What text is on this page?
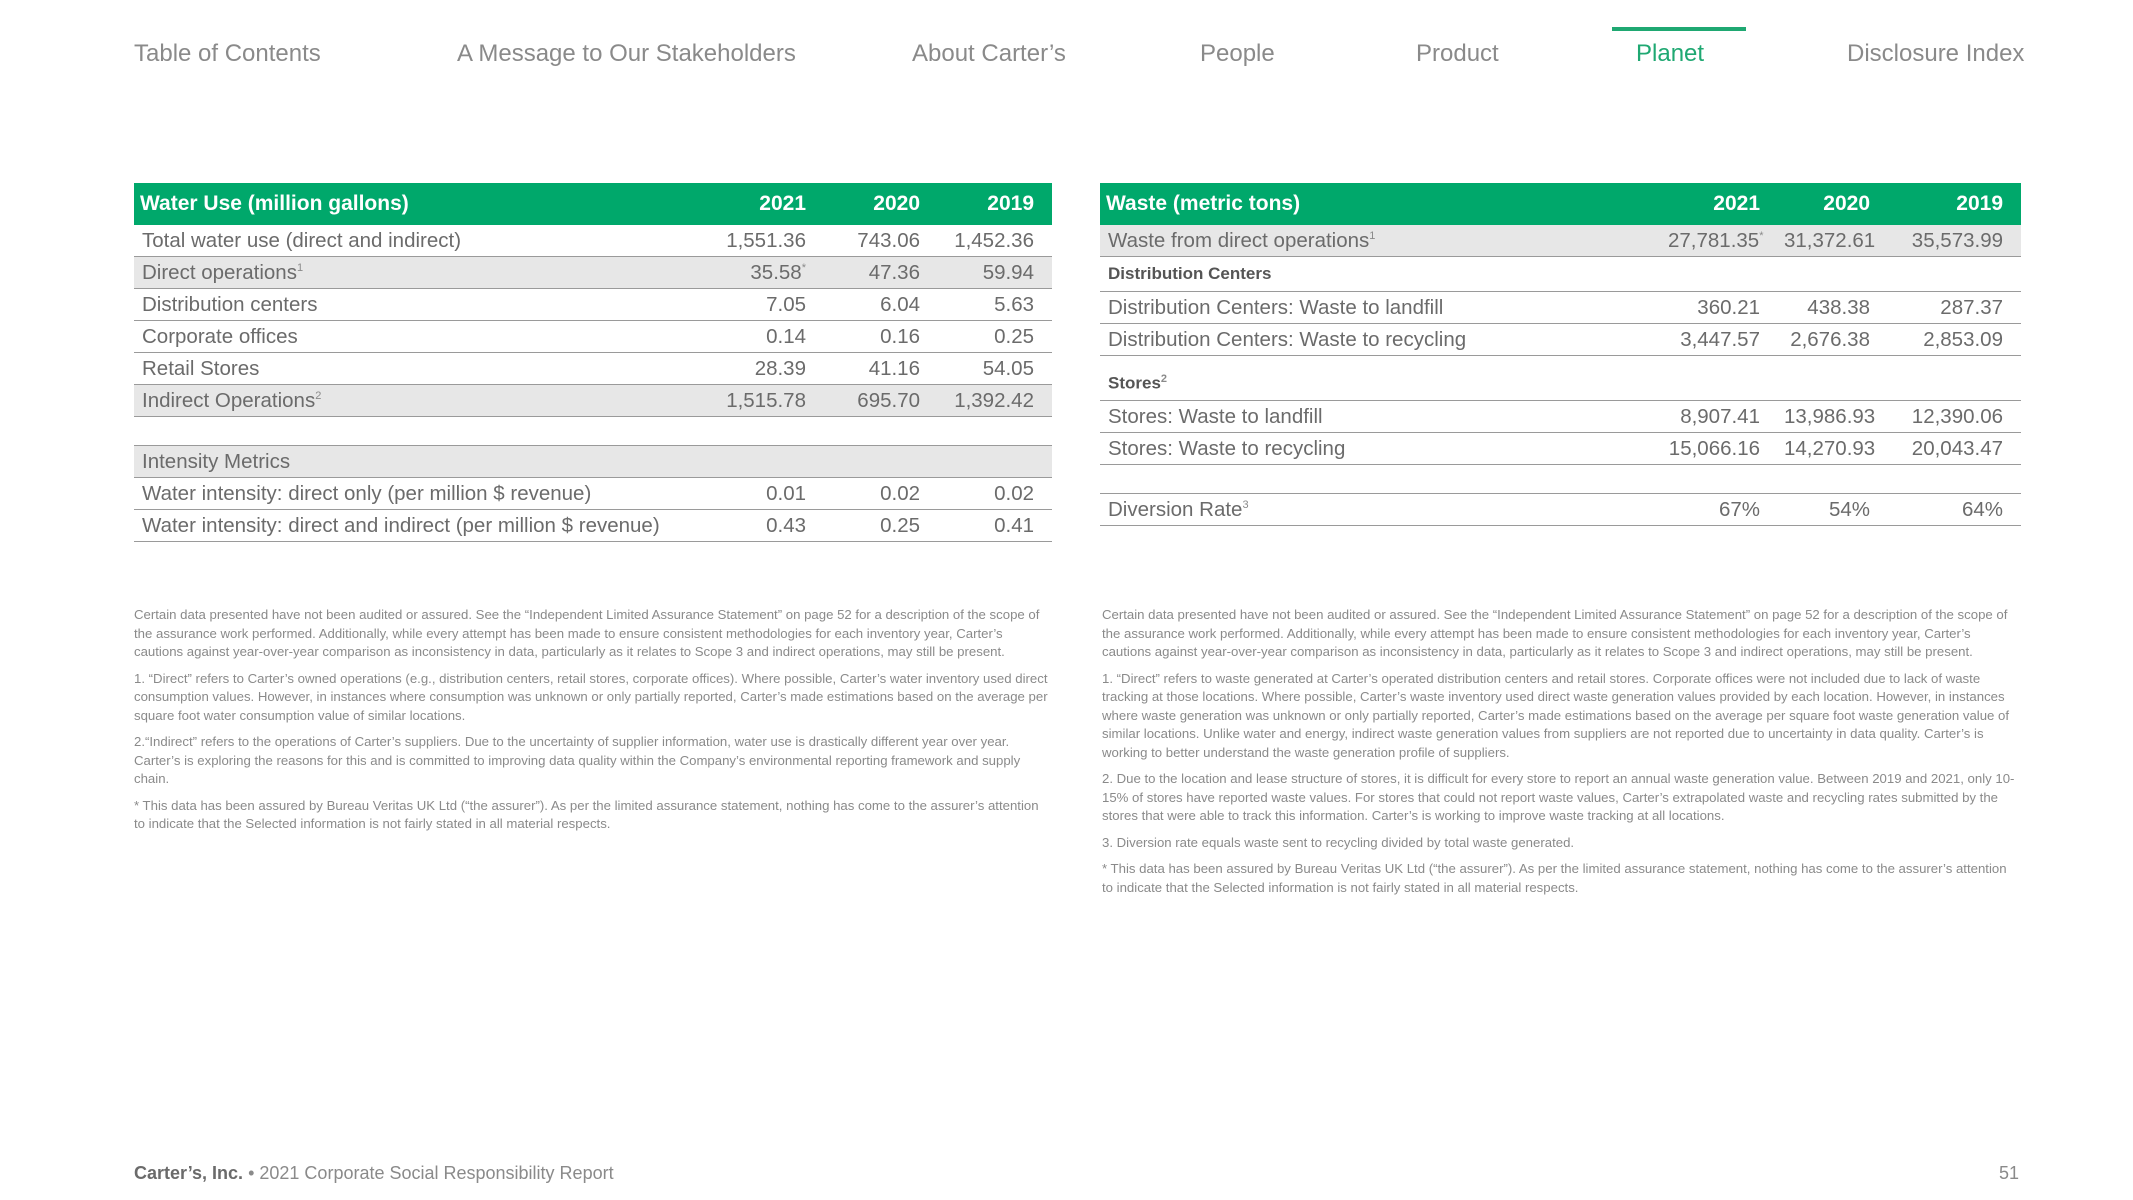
Table of Contents	A Message to Our Stakeholders	About Carter’s	People	Product	Planet	Disclosure Index
Water Use (million gallons)	2021	2020	2019
Total water use (direct and indirect)	1,551.36	743.06	1,452.36
Direct operations$^1$	35.58*	47.36	59.94
Distribution centers	7.05	6.04	5.63
Corporate offices	0.14	0.16	0.25
Retail Stores	28.39	41.16	54.05
Indirect Operations$^2$	1,515.78	695.70	1,392.42

Intensity Metrics			
Water intensity: direct only (per million $ revenue)	0.01	0.02	0.02
Water intensity: direct and indirect (per million $ revenue)	0.43	0.25	0.41
Waste (metric tons)	2021	2020	2019
Waste from direct operations$^1$	27,781.35*	31,372.61	35,573.99
Distribution Centers			
Distribution Centers: Waste to landfill	360.21	438.38	287.37
Distribution Centers: Waste to recycling	3,447.57	2,676.38	2,853.09
Stores$^2$
Stores: Waste to landfill	8,907.41	13,986.93	12,390.06
Stores: Waste to recycling	15,066.16	14,270.93	20,043.47

Diversion Rate$^3$	67%	54%	64%

Certain data presented have not been audited or assured. See the “Independent Limited Assurance Statement” on page 52 for a description of the scope of the assurance work performed. Additionally, while every attempt has been made to ensure consistent methodologies for each inventory year, Carter’s cautions against year-over-year comparison as inconsistency in data, particularly as it relates to Scope 3 and indirect operations, may still be present.

1. “Direct” refers to Carter’s owned operations (e.g., distribution centers, retail stores, corporate offices). Where possible, Carter’s water inventory used direct consumption values. However, in instances where consumption was unknown or only partially reported, Carter’s made estimations based on the average per square foot water consumption value of similar locations.

2.“Indirect” refers to the operations of Carter’s suppliers. Due to the uncertainty of supplier information, water use is drastically different year over year. Carter’s is exploring the reasons for this and is committed to improving data quality within the Company’s environmental reporting framework and supply chain.

* This data has been assured by Bureau Veritas UK Ltd (“the assurer”). As per the limited assurance statement, nothing has come to the assurer’s attention to indicate that the Selected information is not fairly stated in all material respects.

Certain data presented have not been audited or assured. See the “Independent Limited Assurance Statement” on page 52 for a description of the scope of the assurance work performed. Additionally, while every attempt has been made to ensure consistent methodologies for each inventory year, Carter’s cautions against year-over-year comparison as inconsistency in data, particularly as it relates to Scope 3 and indirect operations, may still be present.

1. “Direct” refers to waste generated at Carter’s operated distribution centers and retail stores. Corporate offices were not included due to lack of waste tracking at those locations. Where possible, Carter’s waste inventory used direct waste generation values provided by each location. However, in instances where waste generation was unknown or only partially reported, Carter’s made estimations based on the average per square foot waste generation value of similar locations. Unlike water and energy, indirect waste generation values from suppliers are not reported due to uncertainty in data quality. Carter’s is working to better understand the waste generation profile of suppliers.

2. Due to the location and lease structure of stores, it is difficult for every store to report an annual waste generation value. Between 2019 and 2021, only 10-15% of stores have reported waste values. For stores that could not report waste values, Carter’s extrapolated waste and recycling rates submitted by the stores that were able to track this information. Carter’s is working to improve waste tracking at all locations.

3. Diversion rate equals waste sent to recycling divided by total waste generated.

* This data has been assured by Bureau Veritas UK Ltd (“the assurer”). As per the limited assurance statement, nothing has come to the assurer’s attention to indicate that the Selected information is not fairly stated in all material respects.

Carter’s, Inc. • 2021 Corporate Social Responsibility Report	51
